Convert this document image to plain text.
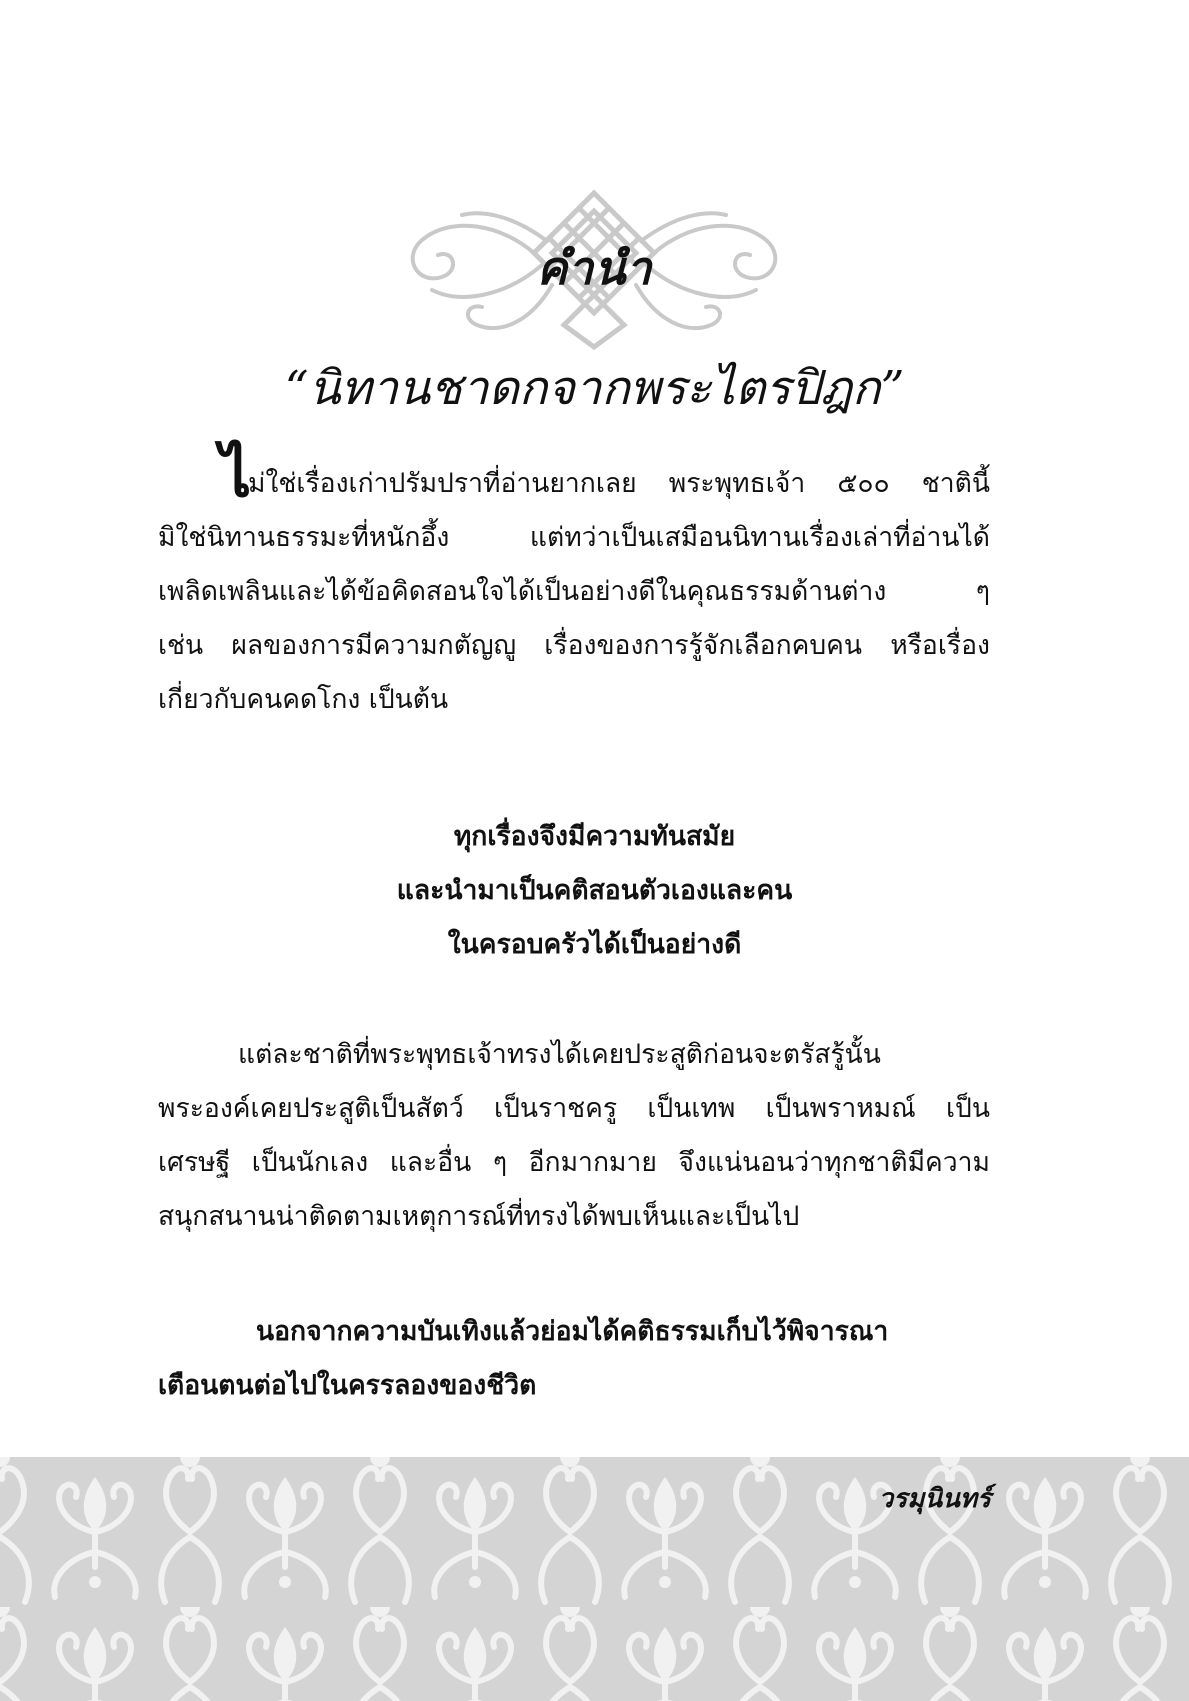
คำนำ
“นิทานชาดกจากพระไตรปิฎก”
ไ
ม่ใช่เรื่องเก่าปรัมปราที่อ่านยากเลย พระพุทธเจ้า ๕๐๐ ชาตินี้
มิใช่นิทานธรรมะที่หนักอึ้ง แต่ทว่าเป็นเสมือนนิทานเรื่องเล่าที่อ่านได้
เพลิดเพลินและได้ข้อคิดสอนใจได้เป็นอย่างดีในคุณธรรมด้านต่าง ๆ
เช่น ผลของการมีความกตัญญู เรื่องของการรู้จักเลือกคบคน หรือเรื่อง
เกี่ยวกับคนคดโกง เป็นต้น
ทุกเรื่องจึงมีความทันสมัย
และนำมาเป็นคติสอนตัวเองและคน
ในครอบครัวได้เป็นอย่างดี
แต่ละชาติที่พระพุทธเจ้าทรงได้เคยประสูติก่อนจะตรัสรู้นั้น
พระองค์เคยประสูติเป็นสัตว์ เป็นราชครู เป็นเทพ เป็นพราหมณ์ เป็น
เศรษฐี เป็นนักเลง และอื่น ๆ อีกมากมาย จึงแน่นอนว่าทุกชาติมีความ
สนุกสนานน่าติดตามเหตุการณ์ที่ทรงได้พบเห็นและเป็นไป
นอกจากความบันเทิงแล้วย่อมได้คติธรรมเก็บไว้พิจารณา
เตือนตนต่อไปในครรลองของชีวิต
วรมุนินทร์
